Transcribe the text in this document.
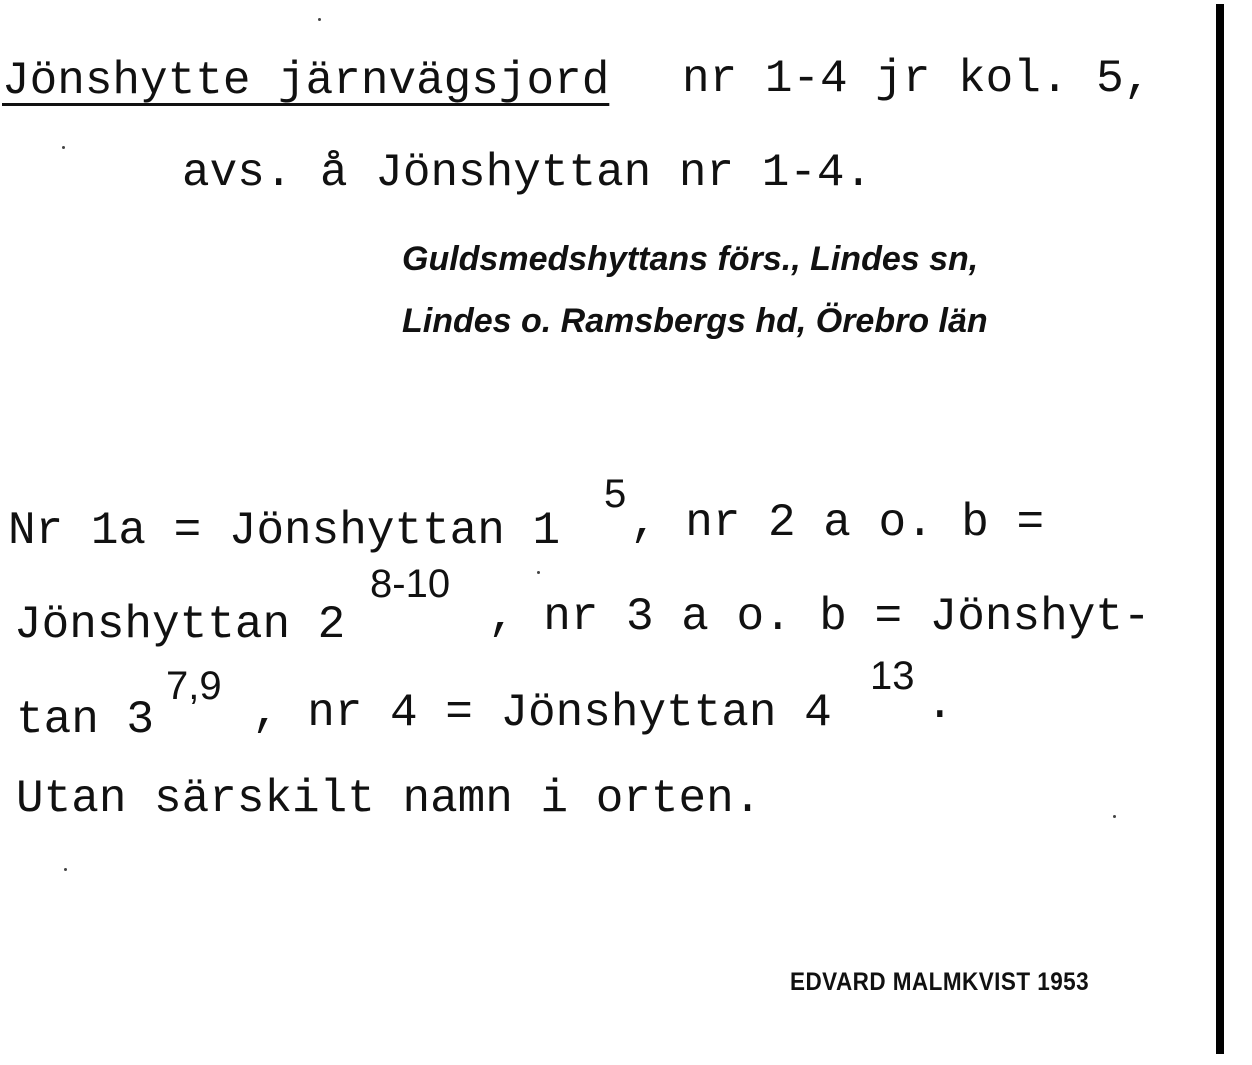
Jönshytte järnvägsjord nr 1-4 jr kol. 5,
avs. å Jönshyttan nr 1-4.
Guldsmedshyttans förs., Lindes sn,
Lindes o. Ramsbergs hd, Örebro län
Nr 1a = Jönshyttan 1
5
, nr 2 a o. b =
Jönshyttan 2
8-10
, nr 3 a o. b = Jönshyt-
tan 3
7,9
, nr 4 = Jönshyttan 4
13
.
Utan särskilt namn i orten.
EDVARD MALMKVIST 1953
